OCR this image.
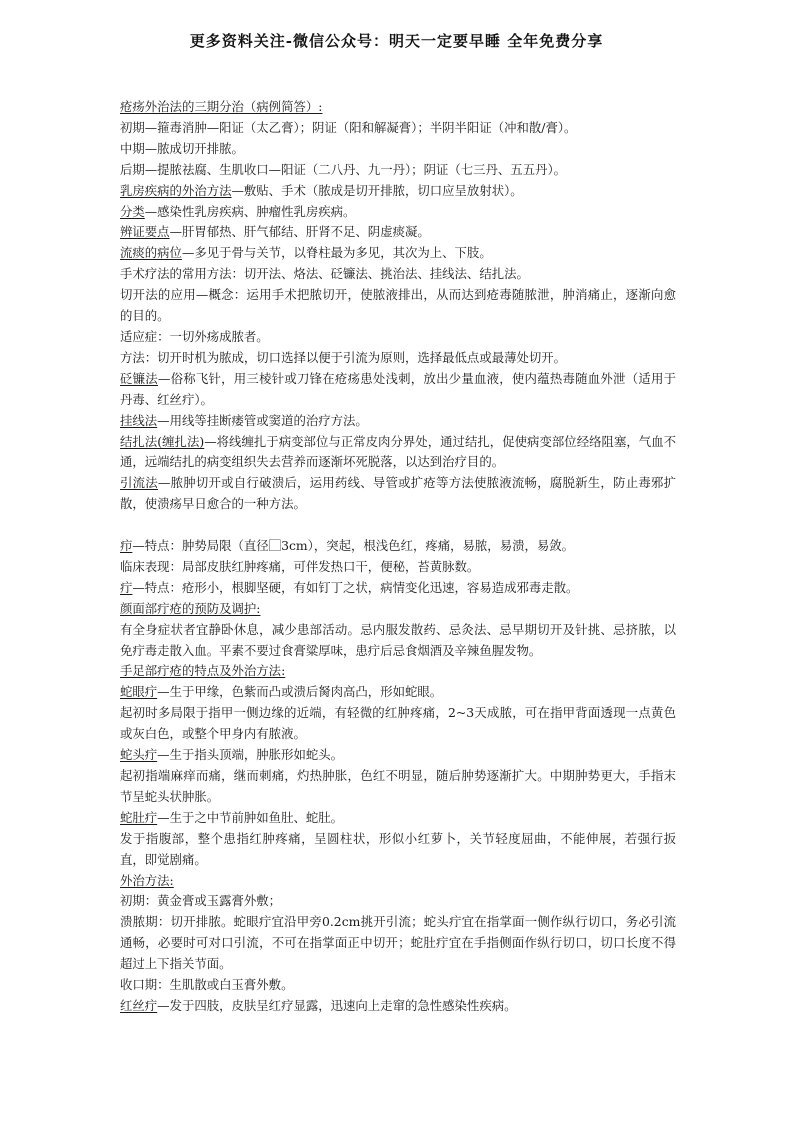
更多资料关注-微信公众号：明天一定要早睡 全年免费分享
疮疡外治法的三期分治（病例简答）:
初期—箍毒消肿—阳证（太乙膏）；阴证（阳和解凝膏）；半阴半阳证（冲和散/膏）。
中期—脓成切开排脓。
后期—提脓祛腐、生肌收口—阳证（二八丹、九一丹）；阴证（七三丹、五五丹）。
乳房疾病的外治方法—敷贴、手术（脓成是切开排脓，切口应呈放射状）。
分类—感染性乳房疾病、肿瘤性乳房疾病。
辨证要点—肝胃郁热、肝气郁结、肝肾不足、阴虚痰凝。
流痰的病位—多见于骨与关节，以脊柱最为多见，其次为上、下肢。
手术疗法的常用方法：切开法、烙法、砭镰法、挑治法、挂线法、结扎法。
切开法的应用—概念：运用手术把脓切开，使脓液排出，从而达到疮毒随脓泄，肿消痛止，逐渐向愈的目的。
适应症：一切外疡成脓者。
方法：切开时机为脓成，切口选择以便于引流为原则，选择最低点或最薄处切开。
砭镰法—俗称飞针，用三棱针或刀锋在疮疡患处浅刺，放出少量血液，使内蕴热毒随血外泄（适用于丹毒、红丝疔）。
挂线法—用线等挂断瘘管或窦道的治疗方法。
结扎法(缠扎法)—将线缠扎于病变部位与正常皮肉分界处，通过结扎，促使病变部位经络阻塞，气血不通，远端结扎的病变组织失去营养而逐渐坏死脱落，以达到治疗目的。
引流法—脓肿切开或自行破溃后，运用药线、导管或扩疮等方法使脓液流畅，腐脱新生，防止毒邪扩散，使溃疡早日愈合的一种方法。
疖—特点：肿势局限（直径⃞3cm），突起，根浅色红，疼痛，易脓，易溃，易敛。
临床表现：局部皮肤红肿疼痛，可伴发热口干，便秘，苔黄脉数。
疔—特点：疮形小，根脚坚硬，有如钉丁之状，病情变化迅速，容易造成邪毒走散。
颜面部疔疮的预防及调护:
有全身症状者宜静卧休息，减少患部活动。忌内服发散药、忌灸法、忌早期切开及针挑、忌挤脓，以免疔毒走散入血。平素不要过食膏粱厚味，患疔后忌食烟酒及辛辣鱼腥发物。
手足部疔疮的特点及外治方法:
蛇眼疔—生于甲缘，色紫而凸或溃后胬肉高凸，形如蛇眼。
起初时多局限于指甲一侧边缘的近端，有轻微的红肿疼痛，2~3天成脓，可在指甲背面透现一点黄色或灰白色，或整个甲身内有脓液。
蛇头疔—生于指头顶端，肿胀形如蛇头。
起初指端麻痒而痛，继而刺痛，灼热肿胀，色红不明显，随后肿势逐渐扩大。中期肿势更大，手指末节呈蛇头状肿胀。
蛇肚疔—生于之中节前肿如鱼肚、蛇肚。
发于指腹部，整个患指红肿疼痛，呈圆柱状，形似小红萝卜，关节轻度屈曲，不能伸展，若强行扳直，即觉剧痛。
外治方法:
初期：黄金膏或玉露膏外敷；
溃脓期：切开排脓。蛇眼疔宜沿甲旁0.2cm挑开引流；蛇头疔宜在指掌面一侧作纵行切口，务必引流通畅，必要时可对口引流，不可在指掌面正中切开；蛇肚疔宜在手指侧面作纵行切口，切口长度不得超过上下指关节面。
收口期：生肌散或白玉膏外敷。
红丝疔—发于四肢，皮肤呈红疗显露，迅速向上走窜的急性感染性疾病。
